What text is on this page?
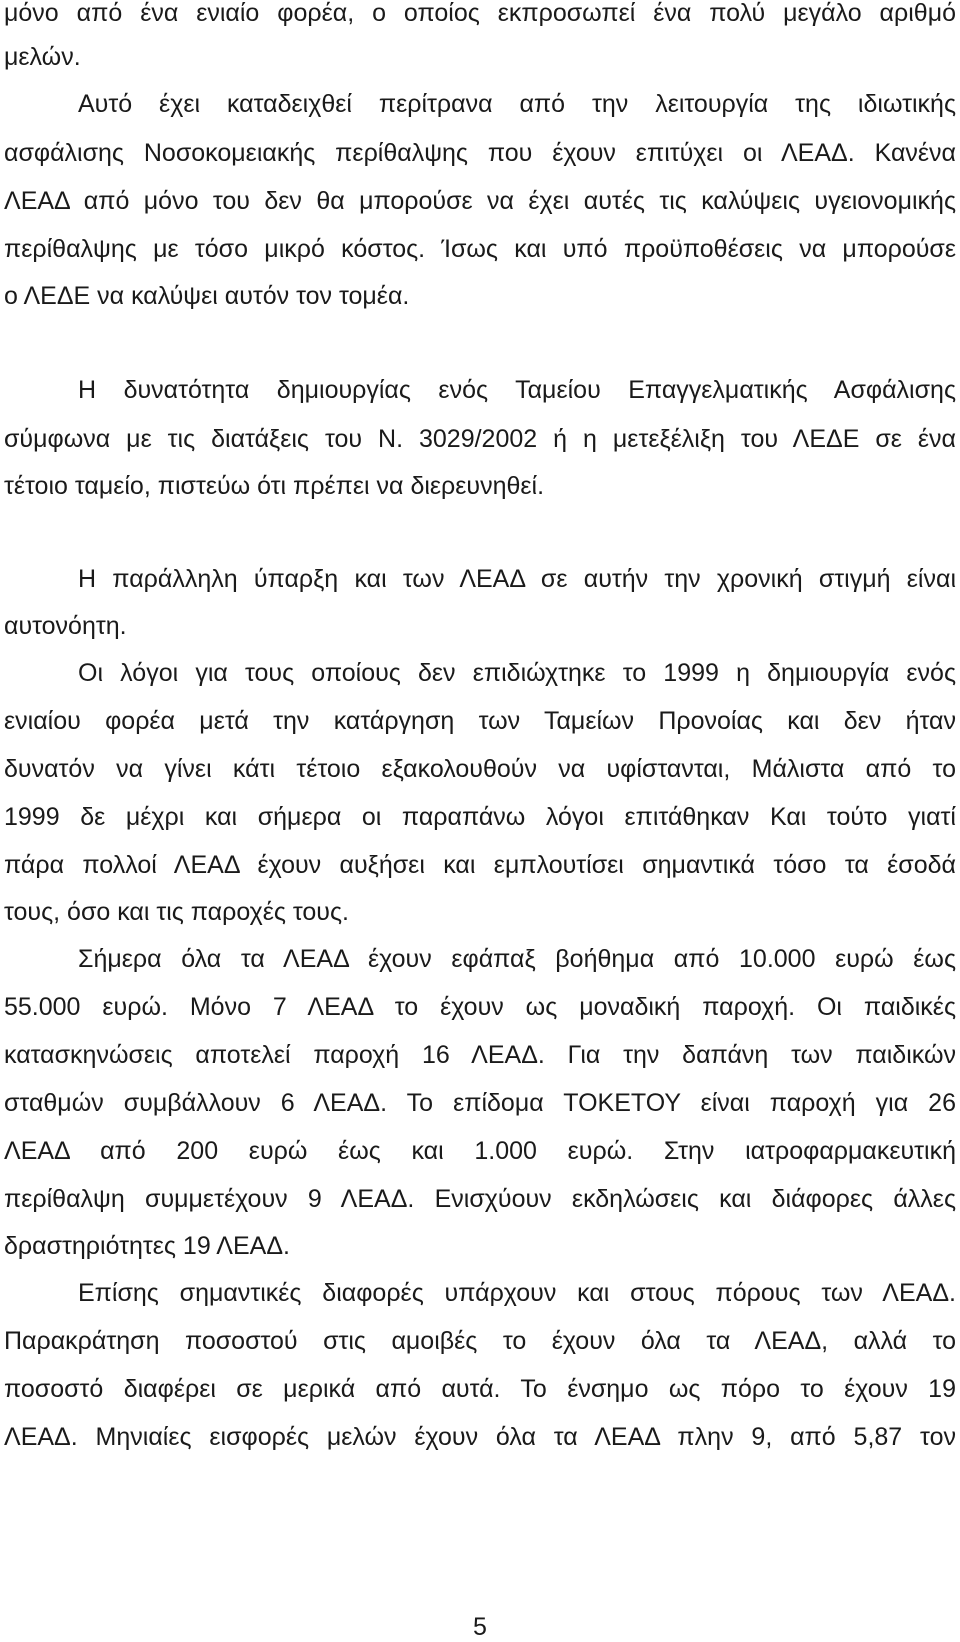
μόνο από ένα ενιαίο φορέα, ο οποίος εκπροσωπεί ένα πολύ μεγάλο αριθμό
μελών.
Αυτό έχει καταδειχθεί περίτρανα από την λειτουργία της ιδιωτικής
ασφάλισης Νοσοκομειακής περίθαλψης που έχουν επιτύχει οι ΛΕΑΔ. Κανένα
ΛΕΑΔ από μόνο του δεν θα μπορούσε να έχει αυτές τις καλύψεις υγειονομικής
περίθαλψης με τόσο μικρό κόστος. Ίσως και υπό προϋποθέσεις να μπορούσε
ο ΛΕΔΕ να καλύψει αυτόν τον τομέα.
Η δυνατότητα δημιουργίας ενός Ταμείου Επαγγελματικής Ασφάλισης
σύμφωνα με τις διατάξεις του Ν. 3029/2002 ή η μετεξέλιξη του ΛΕΔΕ σε ένα
τέτοιο ταμείο, πιστεύω ότι πρέπει να διερευνηθεί.
Η παράλληλη ύπαρξη και των ΛΕΑΔ σε αυτήν την χρονική στιγμή είναι
αυτονόητη.
Οι λόγοι για τους οποίους δεν επιδιώχτηκε το 1999 η δημιουργία ενός
ενιαίου φορέα μετά την κατάργηση των Ταμείων Προνοίας και δεν ήταν
δυνατόν να γίνει κάτι τέτοιο εξακολουθούν να υφίστανται, Μάλιστα από το
1999 δε μέχρι και σήμερα οι παραπάνω λόγοι επιτάθηκαν Και τούτο γιατί
πάρα πολλοί ΛΕΑΔ έχουν αυξήσει και εμπλουτίσει σημαντικά τόσο τα έσοδά
τους, όσο και τις παροχές τους.
Σήμερα όλα τα ΛΕΑΔ έχουν εφάπαξ βοήθημα από 10.000 ευρώ έως
55.000 ευρώ. Μόνο 7 ΛΕΑΔ το έχουν ως μοναδική παροχή. Οι παιδικές
κατασκηνώσεις αποτελεί παροχή 16 ΛΕΑΔ. Για την δαπάνη των παιδικών
σταθμών συμβάλλουν 6 ΛΕΑΔ. Το επίδομα ΤΟΚΕΤΟΥ είναι παροχή για 26
ΛΕΑΔ από 200 ευρώ έως και 1.000 ευρώ. Στην ιατροφαρμακευτική
περίθαλψη συμμετέχουν 9 ΛΕΑΔ. Ενισχύουν εκδηλώσεις και διάφορες άλλες
δραστηριότητες 19 ΛΕΑΔ.
Επίσης σημαντικές διαφορές υπάρχουν και στους πόρους των ΛΕΑΔ.
Παρακράτηση ποσοστού στις αμοιβές το έχουν όλα τα ΛΕΑΔ, αλλά το
ποσοστό διαφέρει σε μερικά από αυτά. Το ένσημο ως πόρο το έχουν 19
ΛΕΑΔ. Μηνιαίες εισφορές μελών έχουν όλα τα ΛΕΑΔ πλην 9, από 5,87 τον
5
